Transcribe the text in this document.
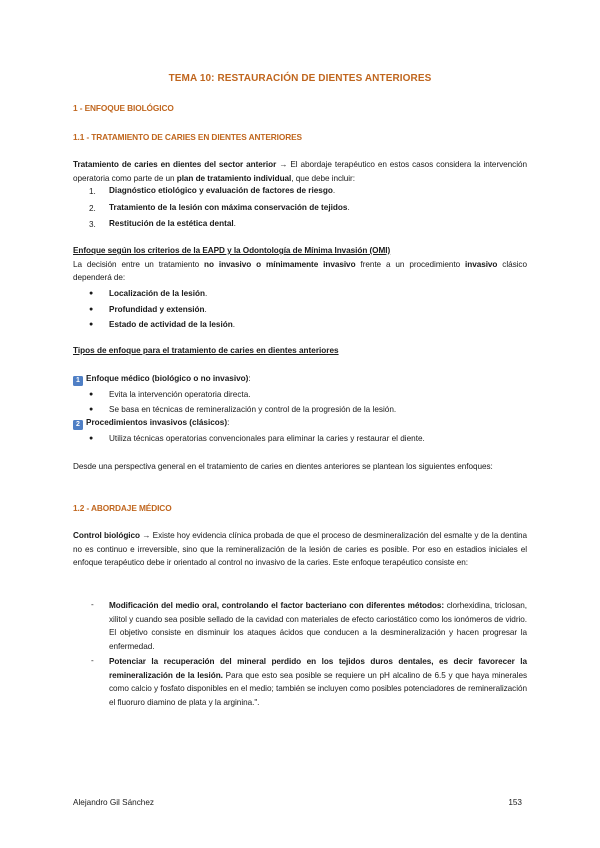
TEMA 10: RESTAURACIÓN DE DIENTES ANTERIORES
1 - ENFOQUE BIOLÓGICO
1.1 - TRATAMIENTO DE CARIES EN DIENTES ANTERIORES
Tratamiento de caries en dientes del sector anterior → El abordaje terapéutico en estos casos considera la intervención operatoria como parte de un plan de tratamiento individual, que debe incluir:
1. Diagnóstico etiológico y evaluación de factores de riesgo.
2. Tratamiento de la lesión con máxima conservación de tejidos.
3. Restitución de la estética dental.
Enfoque según los criterios de la EAPD y la Odontología de Mínima Invasión (OMI)
La decisión entre un tratamiento no invasivo o mínimamente invasivo frente a un procedimiento invasivo clásico dependerá de:
● Localización de la lesión.
● Profundidad y extensión.
● Estado de actividad de la lesión.
Tipos de enfoque para el tratamiento de caries en dientes anteriores
1 Enfoque médico (biológico o no invasivo):
● Evita la intervención operatoria directa.
● Se basa en técnicas de remineralización y control de la progresión de la lesión.
2 Procedimientos invasivos (clásicos):
● Utiliza técnicas operatorias convencionales para eliminar la caries y restaurar el diente.
Desde una perspectiva general en el tratamiento de caries en dientes anteriores se plantean los siguientes enfoques:
1.2 - ABORDAJE MÉDICO
Control biológico → Existe hoy evidencia clínica probada de que el proceso de desmineralización del esmalte y de la dentina no es continuo e irreversible, sino que la remineralización de la lesión de caries es posible. Por eso en estadios iniciales el enfoque terapéutico debe ir orientado al control no invasivo de la caries. Este enfoque terapéutico consiste en:
- Modificación del medio oral, controlando el factor bacteriano con diferentes métodos: clorhexidina, triclosan, xilitol y cuando sea posible sellado de la cavidad con materiales de efecto cariostático como los ionómeros de vidrio. El objetivo consiste en disminuir los ataques ácidos que conducen a la desmineralización y hacen progresar la enfermedad.
- Potenciar la recuperación del mineral perdido en los tejidos duros dentales, es decir favorecer la remineralización de la lesión. Para que esto sea posible se requiere un pH alcalino de 6.5 y que haya minerales como calcio y fosfato disponibles en el medio; también se incluyen como posibles potenciadores de remineralización el fluoruro diamino de plata y la arginina.".
Alejandro Gil Sánchez	153
